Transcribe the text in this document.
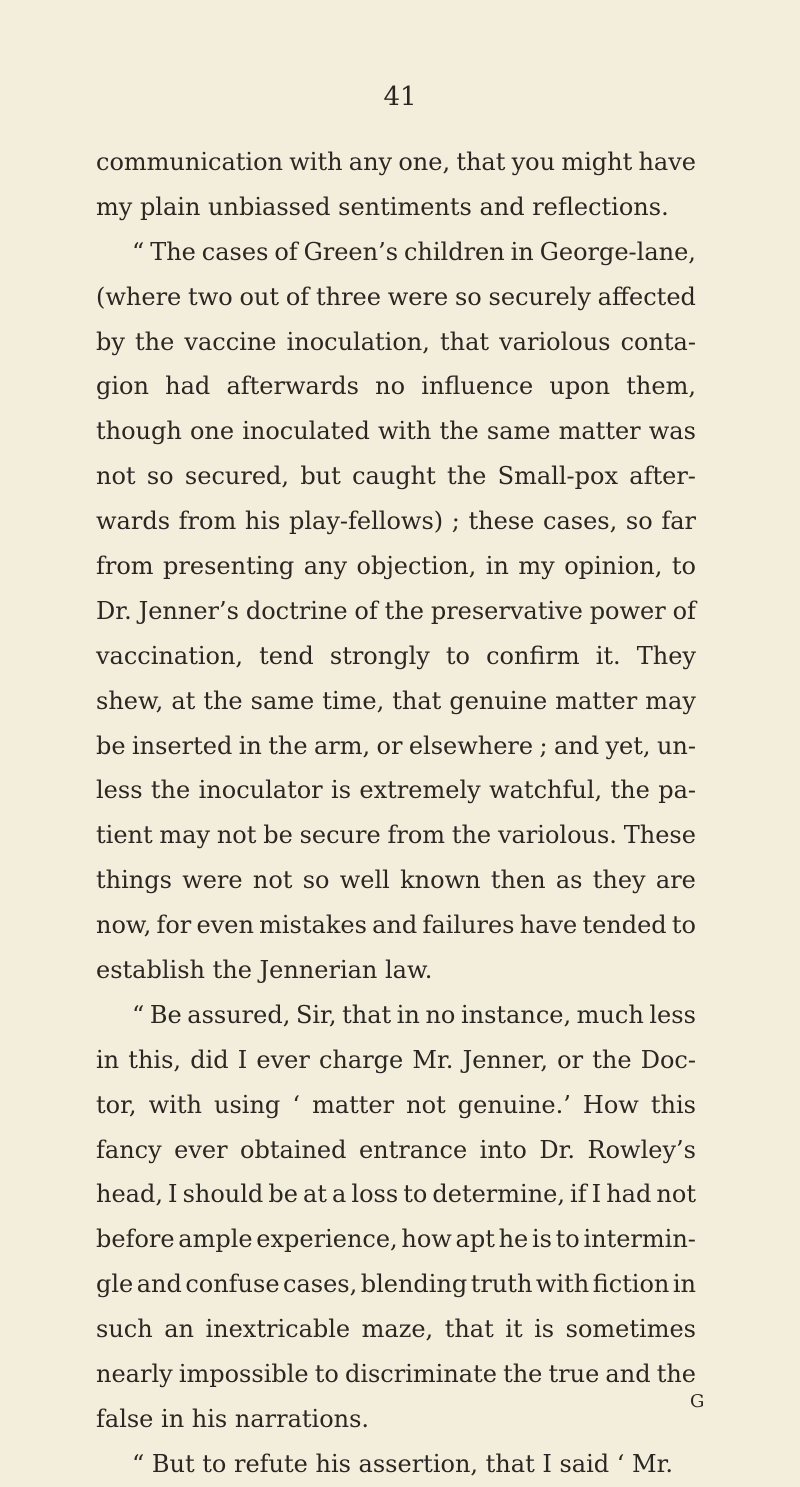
41
communication with any one, that you might have
my plain unbiassed sentiments and reflections.
“ The cases of Green’s children in George-lane,
(where two out of three were so securely affected
by the vaccine inoculation, that variolous conta-
gion had afterwards no influence upon them,
though one inoculated with the same matter was
not so secured, but caught the Small-pox after-
wards from his play-fellows) ; these cases, so far
from presenting any objection, in my opinion, to
Dr. Jenner’s doctrine of the preservative power of
vaccination, tend strongly to confirm it. They
shew, at the same time, that genuine matter may
be inserted in the arm, or elsewhere ; and yet, un-
less the inoculator is extremely watchful, the pa-
tient may not be secure from the variolous. These
things were not so well known then as they are
now, for even mistakes and failures have tended to
establish the Jennerian law.
“ Be assured, Sir, that in no instance, much less
in this, did I ever charge Mr. Jenner, or the Doc-
tor, with using ‘ matter not genuine.’ How this
fancy ever obtained entrance into Dr. Rowley’s
head, I should be at a loss to determine, if I had not
before ample experience, how apt he is to intermin-
gle and confuse cases, blending truth with fiction in
such an inextricable maze, that it is sometimes
nearly impossible to discriminate the true and the
false in his narrations.
“ But to refute his assertion, that I said ‘ Mr.
G
